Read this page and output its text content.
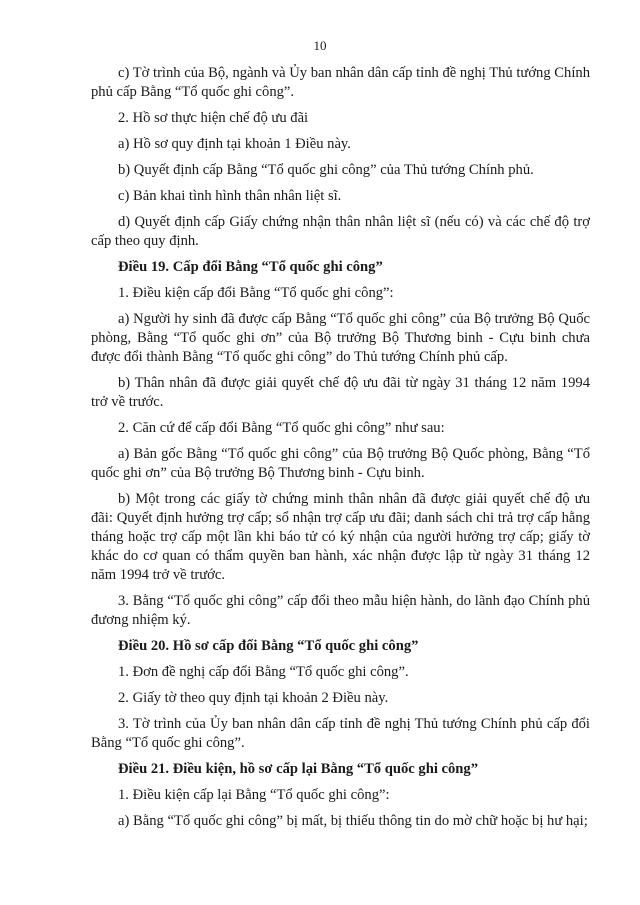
10

c) Tờ trình của Bộ, ngành và Ủy ban nhân dân cấp tỉnh đề nghị Thủ tướng Chính phủ cấp Bằng “Tổ quốc ghi công”.

2. Hồ sơ thực hiện chế độ ưu đãi

a) Hồ sơ quy định tại khoản 1 Điều này.

b) Quyết định cấp Bằng “Tổ quốc ghi công” của Thủ tướng Chính phủ.

c) Bản khai tình hình thân nhân liệt sĩ.

d) Quyết định cấp Giấy chứng nhận thân nhân liệt sĩ (nếu có) và các chế độ trợ cấp theo quy định.

Điều 19. Cấp đổi Bằng “Tổ quốc ghi công”

1. Điều kiện cấp đổi Bằng “Tổ quốc ghi công”:

a) Người hy sinh đã được cấp Bằng “Tổ quốc ghi công” của Bộ trưởng Bộ Quốc phòng, Bằng “Tổ quốc ghi ơn” của Bộ trưởng Bộ Thương binh - Cựu binh chưa được đổi thành Bằng “Tổ quốc ghi công” do Thủ tướng Chính phủ cấp.

b) Thân nhân đã được giải quyết chế độ ưu đãi từ ngày 31 tháng 12 năm 1994 trở về trước.

2. Căn cứ để cấp đổi Bằng “Tổ quốc ghi công” như sau:

a) Bản gốc Bằng “Tổ quốc ghi công” của Bộ trưởng Bộ Quốc phòng, Bằng “Tổ quốc ghi ơn” của Bộ trưởng Bộ Thương binh - Cựu binh.

b) Một trong các giấy tờ chứng minh thân nhân đã được giải quyết chế độ ưu đãi: Quyết định hưởng trợ cấp; sổ nhận trợ cấp ưu đãi; danh sách chi trả trợ cấp hằng tháng hoặc trợ cấp một lần khi báo tử có ký nhận của người hưởng trợ cấp; giấy tờ khác do cơ quan có thẩm quyền ban hành, xác nhận được lập từ ngày 31 tháng 12 năm 1994 trở về trước.

3. Bằng “Tổ quốc ghi công” cấp đổi theo mẫu hiện hành, do lãnh đạo Chính phủ đương nhiệm ký.

Điều 20. Hồ sơ cấp đổi Bằng “Tổ quốc ghi công”

1. Đơn đề nghị cấp đổi Bằng “Tổ quốc ghi công”.

2. Giấy tờ theo quy định tại khoản 2 Điều này.

3. Tờ trình của Ủy ban nhân dân cấp tỉnh đề nghị Thủ tướng Chính phủ cấp đổi Bằng “Tổ quốc ghi công”.

Điều 21. Điều kiện, hồ sơ cấp lại Bằng “Tổ quốc ghi công”

1. Điều kiện cấp lại Bằng “Tổ quốc ghi công”:

a) Bằng “Tổ quốc ghi công” bị mất, bị thiếu thông tin do mờ chữ hoặc bị hư hại;
